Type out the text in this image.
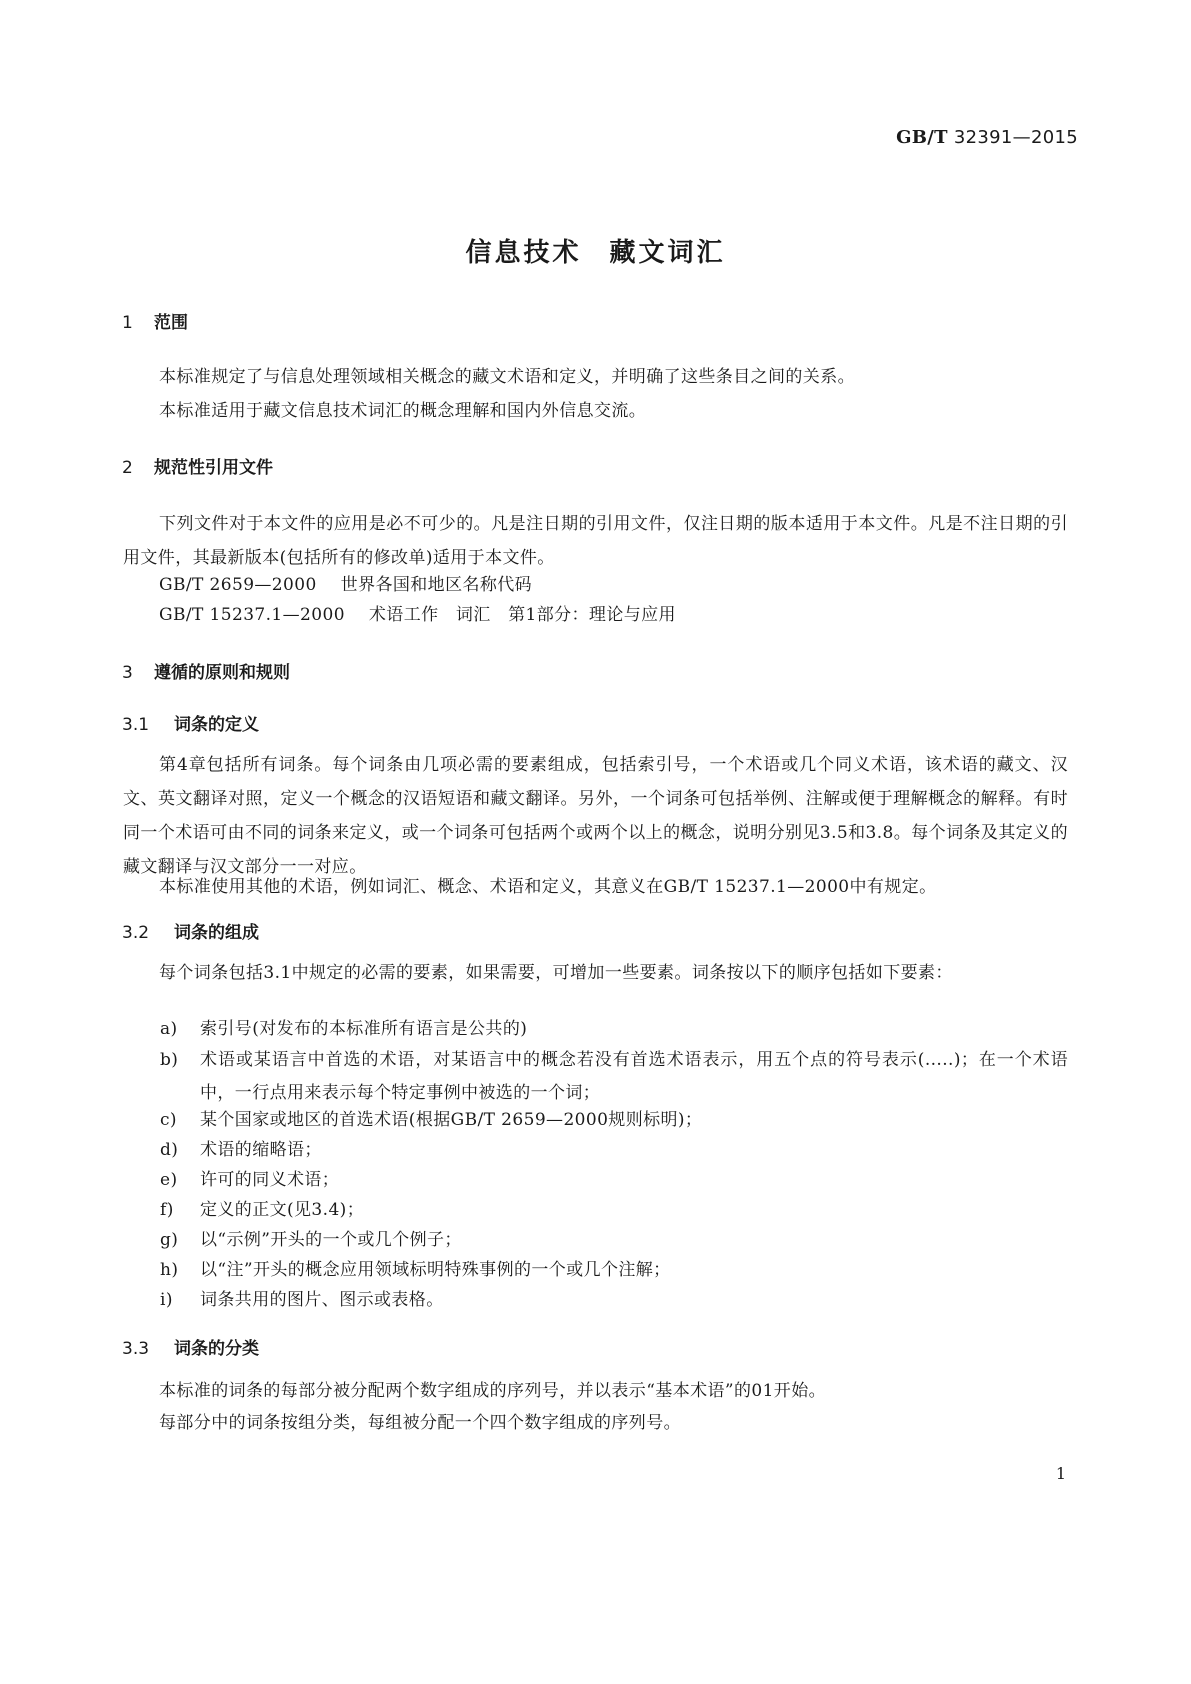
GB/T 32391—2015
信息技术 藏文词汇
1 范围
本标准规定了与信息处理领域相关概念的藏文术语和定义，并明确了这些条目之间的关系。
本标准适用于藏文信息技术词汇的概念理解和国内外信息交流。
2 规范性引用文件
下列文件对于本文件的应用是必不可少的。凡是注日期的引用文件，仅注日期的版本适用于本文件。凡是不注日期的引用文件，其最新版本(包括所有的修改单)适用于本文件。
GB/T 2659—2000 世界各国和地区名称代码
GB/T 15237.1—2000 术语工作　词汇　第1部分：理论与应用
3 遵循的原则和规则
3.1 词条的定义
第4章包括所有词条。每个词条由几项必需的要素组成，包括索引号，一个术语或几个同义术语，该术语的藏文、汉文、英文翻译对照，定义一个概念的汉语短语和藏文翻译。另外，一个词条可包括举例、注解或便于理解概念的解释。有时同一个术语可由不同的词条来定义，或一个词条可包括两个或两个以上的概念，说明分别见3.5和3.8。每个词条及其定义的藏文翻译与汉文部分一一对应。
本标准使用其他的术语，例如词汇、概念、术语和定义，其意义在GB/T 15237.1—2000中有规定。
3.2 词条的组成
每个词条包括3.1中规定的必需的要素，如果需要，可增加一些要素。词条按以下的顺序包括如下要素：
a)	索引号(对发布的本标准所有语言是公共的)
b)	术语或某语言中首选的术语，对某语言中的概念若没有首选术语表示，用五个点的符号表示(.....)；在一个术语中，一行点用来表示每个特定事例中被选的一个词；
c)	某个国家或地区的首选术语(根据GB/T 2659—2000规则标明)；
d)	术语的缩略语；
e)	许可的同义术语；
f)	定义的正文(见3.4)；
g)	以“示例”开头的一个或几个例子；
h)	以“注”开头的概念应用领域标明特殊事例的一个或几个注解；
i)	词条共用的图片、图示或表格。
3.3 词条的分类
本标准的词条的每部分被分配两个数字组成的序列号，并以表示“基本术语”的01开始。
每部分中的词条按组分类，每组被分配一个四个数字组成的序列号。
1
